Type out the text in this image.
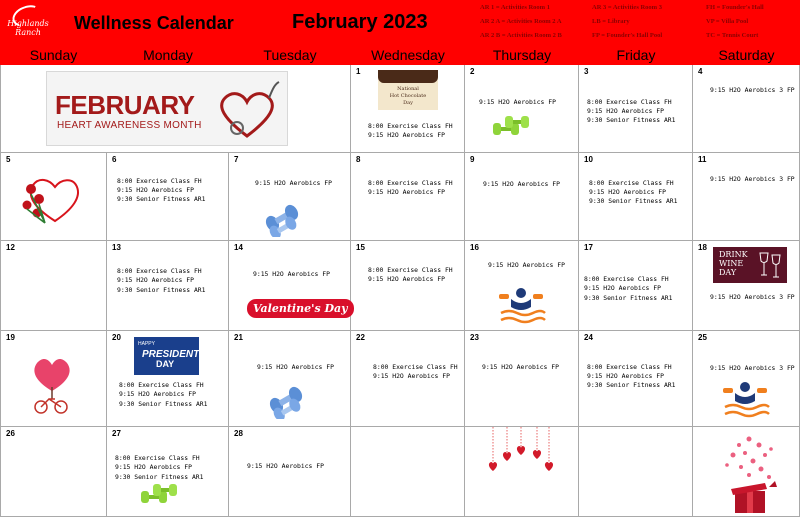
Highlands
Ranch	Wellness Calendar	February 2023
AR 1 = Activities Room 1
AR 2 A = Activities Room 2 A
AR 2 B = Activities Room 2 B
AR 3 = Activities Room 3
LB = Library
FP = Founder's Hall Pool
FH = Founder's Hall
VP = Villa Pool
TC = Tennis Court
Sunday	Monday	Tuesday	Wednesday	Thursday	Friday	Saturday
FEBRUARY
HEART AWARENESS MONTH
1
National
Hot Chocolate
Day
8:00 Exercise Class FH
9:15 H2O Aerobics FP
2
9:15 H2O Aerobics FP
3
8:00 Exercise Class FH
9:15 H2O Aerobics FP
9:30 Senior Fitness AR1
4
9:15 H2O Aerobics 3 FP
5	6
8:00 Exercise Class FH
9:15 H2O Aerobics FP
9:30 Senior Fitness AR1
7
9:15 H2O Aerobics FP
8
8:00 Exercise Class FH
9:15 H2O Aerobics FP
9
9:15 H2O Aerobics FP
10
8:00 Exercise Class FH
9:15 H2O Aerobics FP
9:30 Senior Fitness AR1
11
9:15 H2O Aerobics 3 FP
12	13
8:00 Exercise Class FH
9:15 H2O Aerobics FP
9:30 Senior Fitness AR1
14
9:15 H2O Aerobics FP
Valentine's Day
15
8:00 Exercise Class FH
9:15 H2O Aerobics FP
16
9:15 H2O Aerobics FP
17
8:00 Exercise Class FH
9:15 H2O Aerobics FP
9:30 Senior Fitness AR1
18
DRINK
WINE
DAY
9:15 H2O Aerobics 3 FP
19	20
HAPPY
PRESIDENTS
DAY
8:00 Exercise Class FH
9:15 H2O Aerobics FP
9:30 Senior Fitness AR1
21
9:15 H2O Aerobics FP
22
8:00 Exercise Class FH
9:15 H2O Aerobics FP
23
9:15 H2O Aerobics FP
24
8:00 Exercise Class FH
9:15 H2O Aerobics FP
9:30 Senior Fitness AR1
25
9:15 H2O Aerobics 3 FP
26	27
8:00 Exercise Class FH
9:15 H2O Aerobics FP
9:30 Senior Fitness AR1
28
9:15 H2O Aerobics FP
